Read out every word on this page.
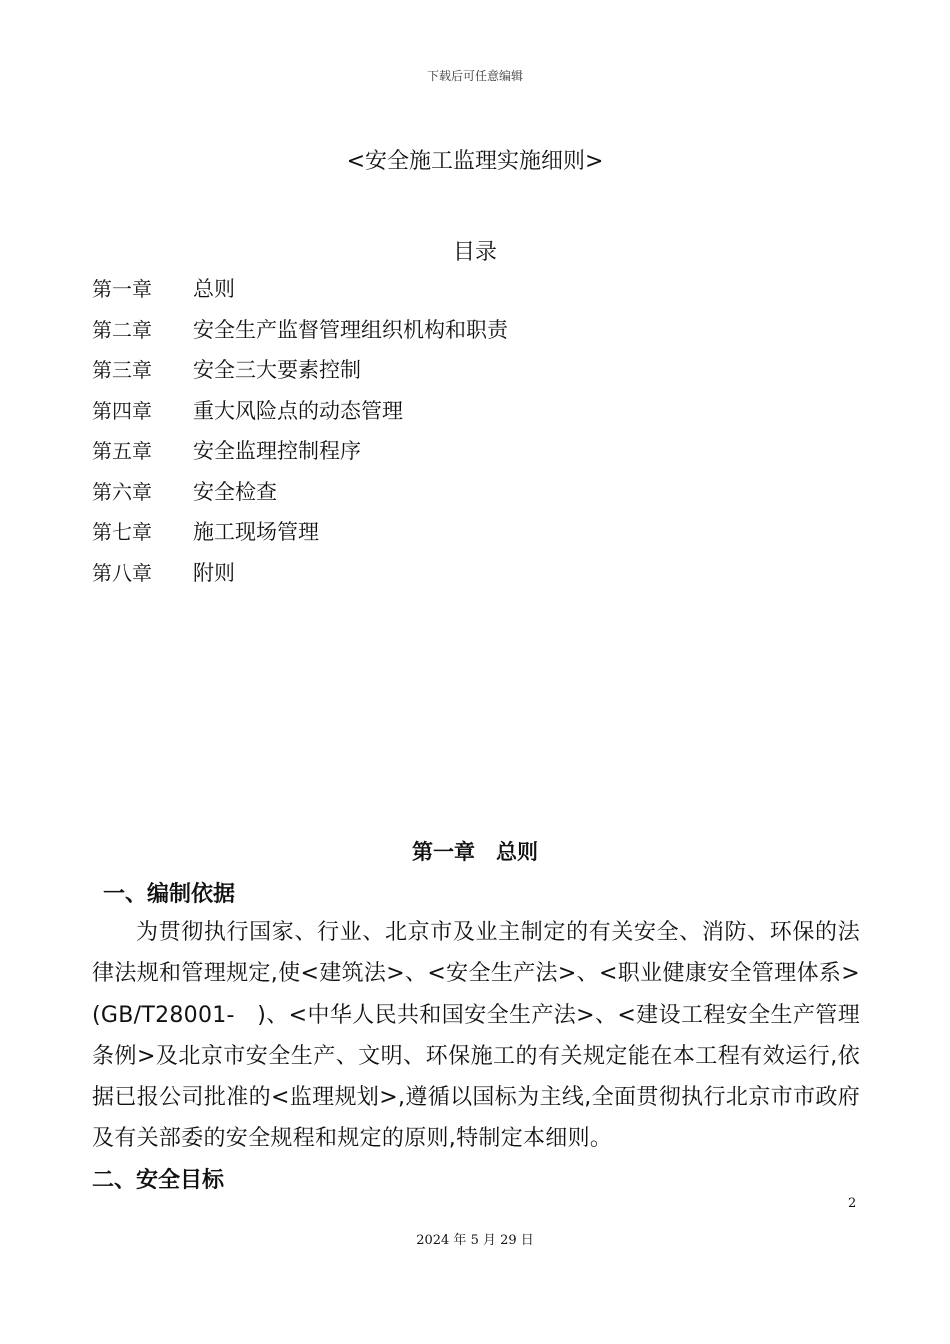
下载后可任意编辑
<安全施工监理实施细则>
目录
第一章	总则
第二章	安全生产监督管理组织机构和职责
第三章	安全三大要素控制
第四章	重大风险点的动态管理
第五章	安全监理控制程序
第六章	安全检查
第七章	施工现场管理
第八章	附则
第一章　总则
一、编制依据
为贯彻执行国家、行业、北京市及业主制定的有关安全、消防、环保的法律法规和管理规定,使<建筑法>、<安全生产法>、<职业健康安全管理体系>(GB/T28001-　)、<中华人民共和国安全生产法>、<建设工程安全生产管理条例>及北京市安全生产、文明、环保施工的有关规定能在本工程有效运行,依据已报公司批准的<监理规划>,遵循以国标为主线,全面贯彻执行北京市市政府及有关部委的安全规程和规定的原则,特制定本细则。
二、安全目标
2
2024 年 5 月 29 日
